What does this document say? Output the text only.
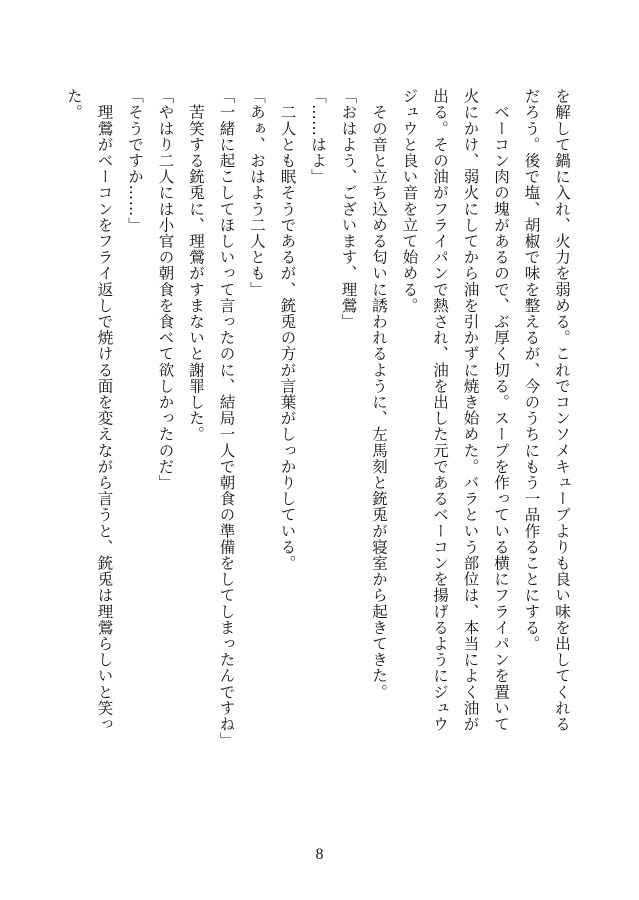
を解して鍋に入れ、火力を弱める。これでコンソメキューブよりも良い味を出してくれる
だろう。後で塩、胡椒で味を整えるが、今のうちにもう一品作ることにする。
　ベーコン肉の塊があるので、ぶ厚く切る。スープを作っている横にフライパンを置いて
火にかけ、弱火にしてから油を引かずに焼き始めた。バラという部位は、本当によく油が
出る。その油がフライパンで熱され、油を出した元であるベーコンを揚げるようにジュウ
ジュウと良い音を立て始める。
　その音と立ち込める匂いに誘われるように、左馬刻と銃兎が寝室から起きてきた。
「おはよう、ございます、理鶯」
「……はよ」
　二人とも眠そうであるが、銃兎の方が言葉がしっかりしている。
「あぁ、おはよう二人とも」
「一緒に起こしてほしいって言ったのに、結局一人で朝食の準備をしてしまったんですね」
　苦笑する銃兎に、理鶯がすまないと謝罪した。
「やはり二人には小官の朝食を食べて欲しかったのだ」
「そうですか……」
　理鶯がベーコンをフライ返しで焼ける面を変えながら言うと、銃兎は理鶯らしいと笑っ
た。
8
